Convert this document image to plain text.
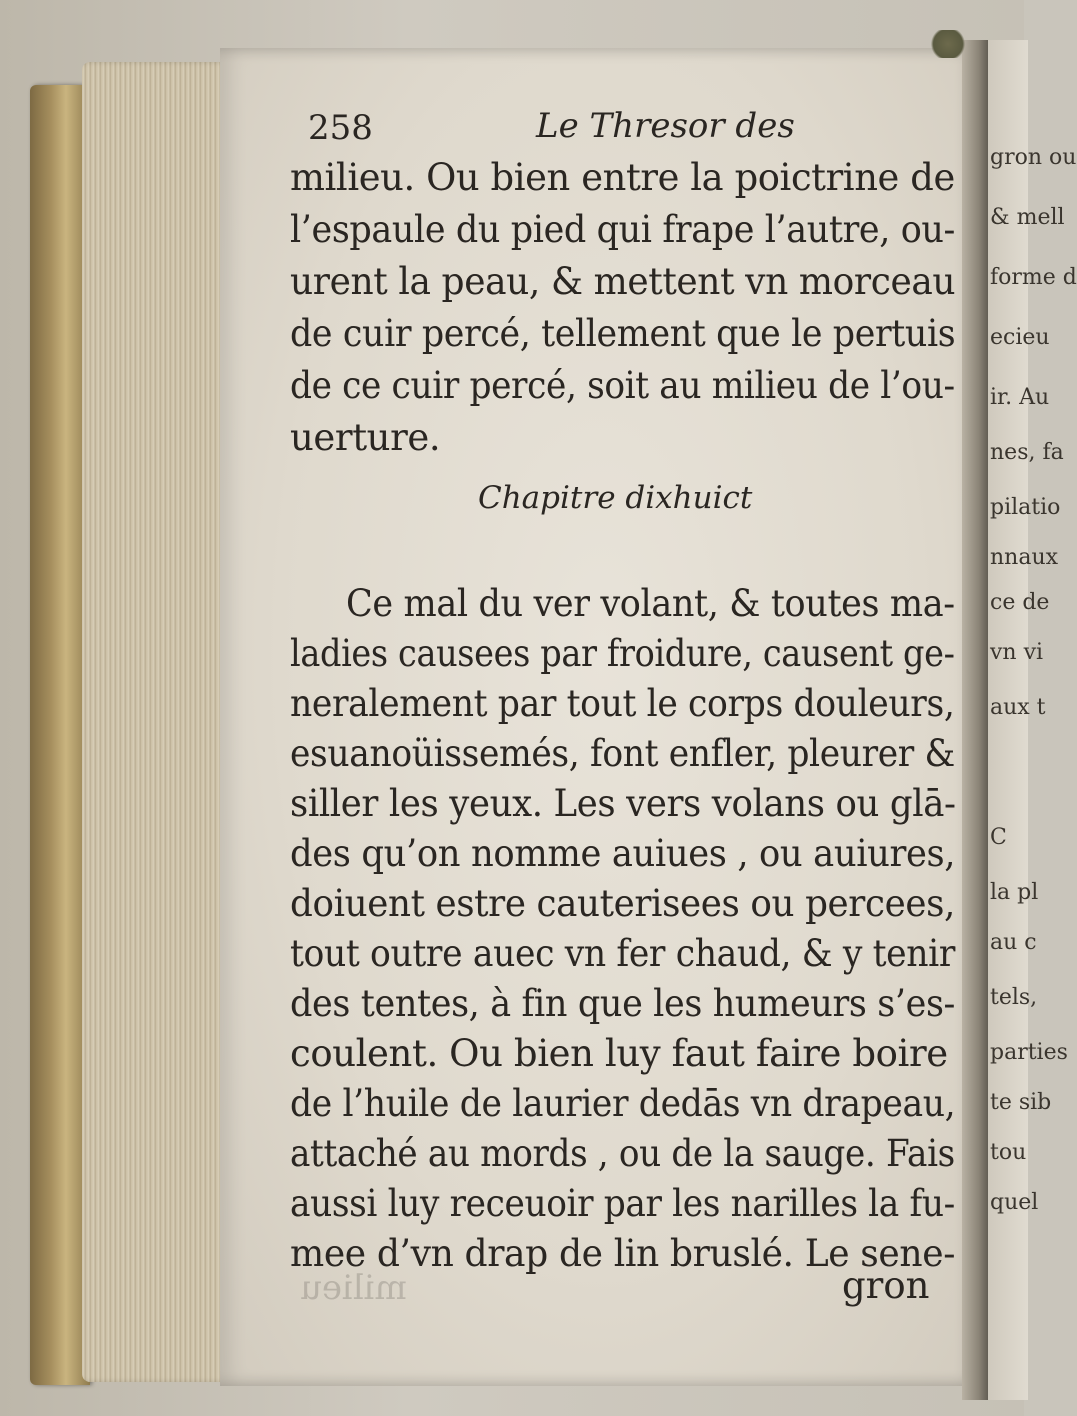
gron ou
& mell
forme d
ecieu
ir. Au
nes, fa
pilatio
nnaux
ce de
vn vi
aux t
C
la pl
au c
tels,
parties
te sib
tou
quel
258	Le Thresor des
milieu. Ou bien entre la poictrine de
l’espaule du pied qui frape l’autre, ou-
urent la peau, & mettent vn morceau
de cuir percé, tellement que le pertuis
de ce cuir percé, soit au milieu de l’ou-
uerture.
Chapitre dixhuict
Ce mal du ver volant, & toutes ma-
ladies causees par froidure, causent ge-
neralement par tout le corps douleurs,
esuanoüissemés, font enfler, pleurer &
siller les yeux. Les vers volans ou glā-
des qu’on nomme auiues , ou auiures,
doiuent estre cauterisees ou percees,
tout outre auec vn fer chaud, & y tenir
des tentes, à fin que les humeurs s’es-
coulent. Ou bien luy faut faire boire
de l’huile de laurier dedās vn drapeau,
attaché au mords , ou de la sauge. Fais
aussi luy receuoir par les narilles la fu-
mee d’vn drap de lin bruslé. Le sene-
milieu	gron
